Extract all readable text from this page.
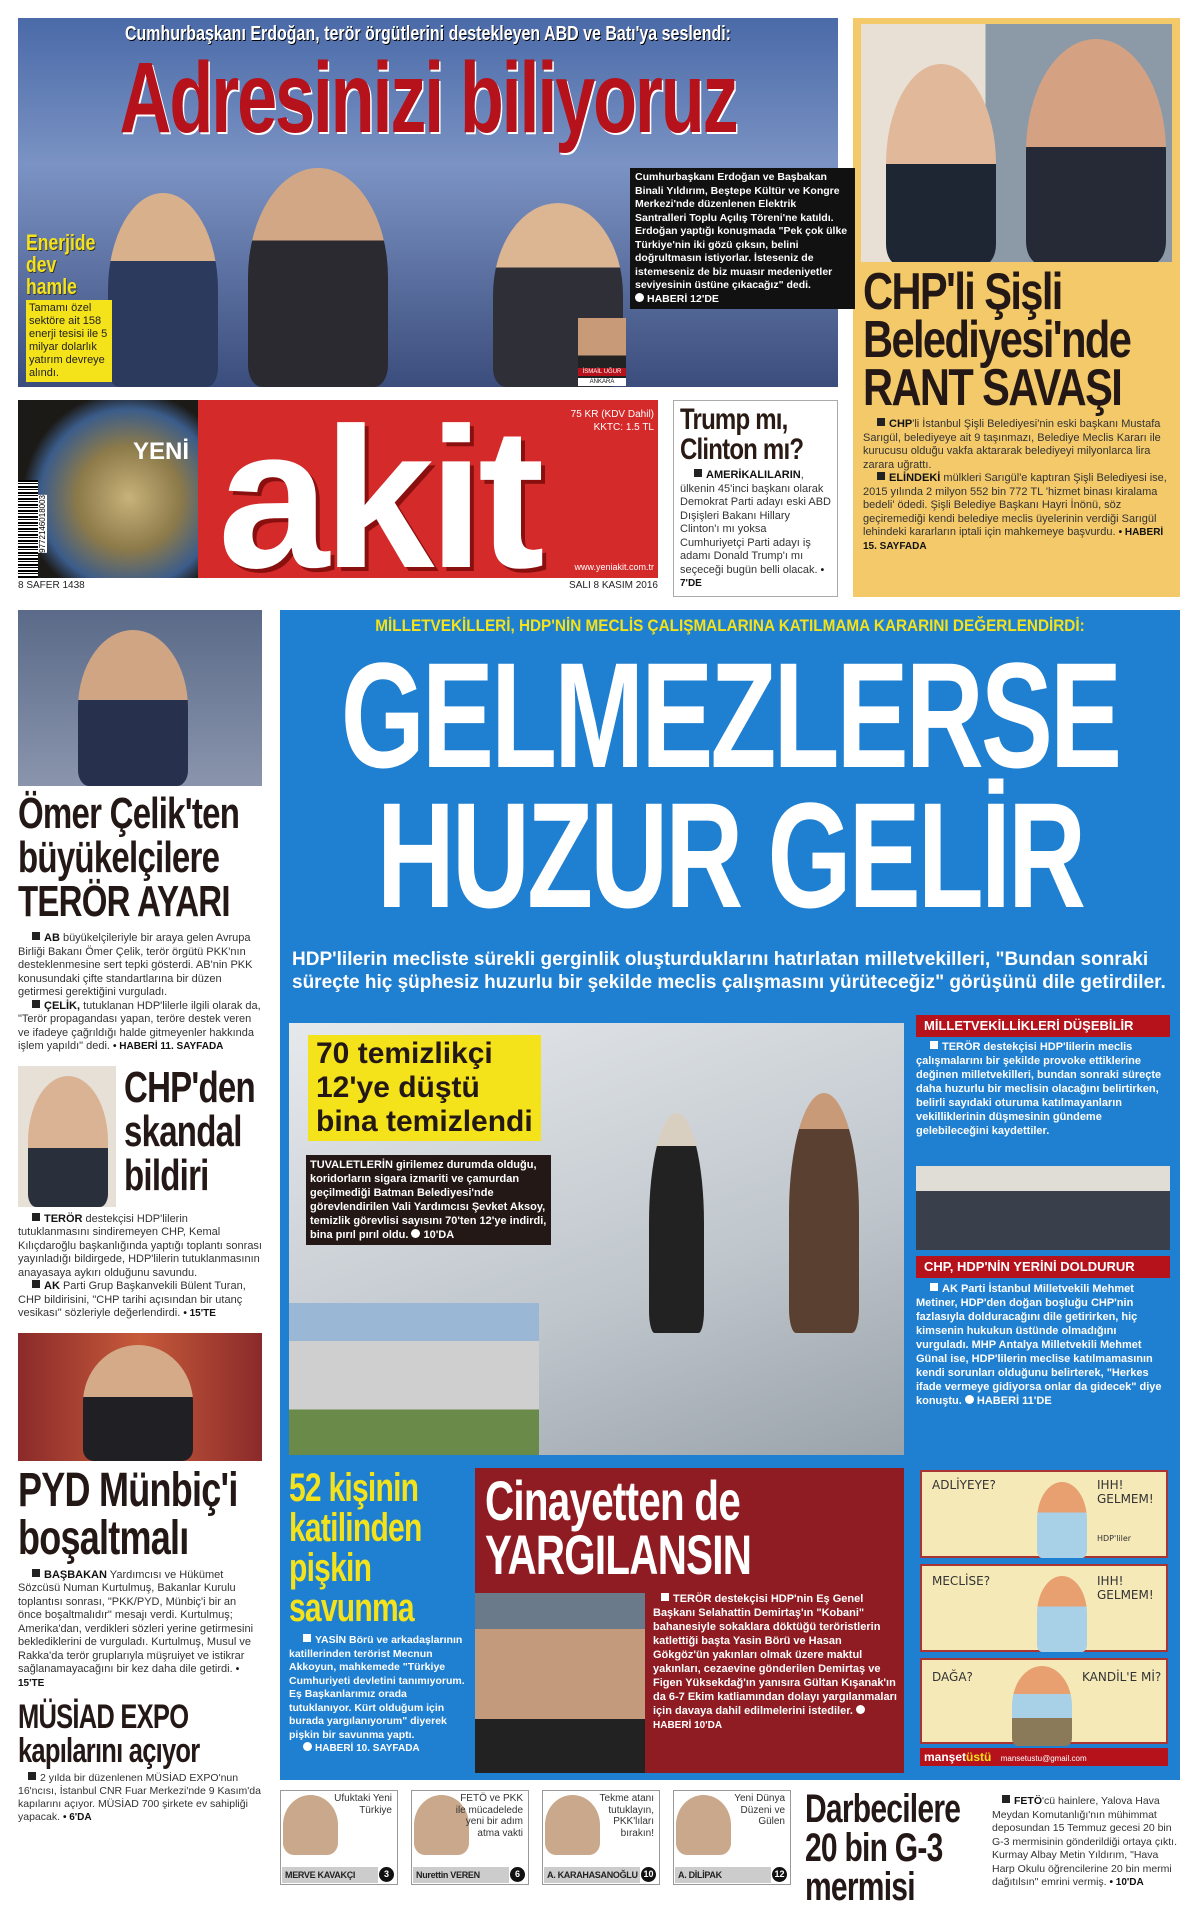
Cumhurbaşkanı Erdoğan, terör örgütlerini destekleyen ABD ve Batı'ya seslendi:
Adresinizi biliyoruz
Enerjide dev hamle
Tamamı özel sektöre ait 158 enerji tesisi ile 5 milyar dolarlık yatırım devreye alındı.
Cumhurbaşkanı Erdoğan ve Başbakan Binali Yıldırım, Beştepe Kültür ve Kongre Merkezi'nde düzenlenen Elektrik Santralleri Toplu Açılış Töreni'ne katıldı. Erdoğan yaptığı konuşmada "Pek çok ülke Türkiye'nin iki gözü çıksın, belini doğrultmasın istiyorlar. İsteseniz de istemeseniz de biz muasır medeniyetler seviyesinin üstüne çıkacağız" dedi.
HABERİ 12'DE
İSMAİL UĞUR
ANKARA
CHP'li Şişli
Belediyesi'nde
RANT SAVAŞI
CHP'li İstanbul Şişli Belediyesi'nin eski başkanı Mustafa Sarıgül, belediyeye ait 9 taşınmazı, Belediye Meclis Kararı ile kurucusu olduğu vakfa aktararak belediyeyi milyonlarca lira zarara uğrattı.
ELİNDEKİ mülkleri Sarıgül'e kaptıran Şişli Belediyesi ise, 2015 yılında 2 milyon 552 bin 772 TL 'hizmet binası kiralama bedeli' ödedi. Şişli Belediye Başkanı Hayri İnönü, söz geçiremediği kendi belediye meclis üyelerinin verdiği Sarıgül lehindeki kararların iptali için mahkemeye başvurdu. • HABERİ 15. SAYFADA
YENİ akit	75 KR (KDV Dahil)
KKTC: 1.5 TL
www.yeniakit.com.tr
9772146018003
8 SAFER 1438	SALI 8 KASIM 2016
Trump mı, Clinton mı?
AMERİKALILARIN, ülkenin 45'inci başkanı olarak Demokrat Parti adayı eski ABD Dışişleri Bakanı Hillary Clinton'ı mı yoksa Cumhuriyetçi Parti adayı iş adamı Donald Trump'ı mı seçeceği bugün belli olacak. • 7'DE
Ömer Çelik'ten
büyükelçilere
TERÖR AYARI
AB büyükelçileriyle bir araya gelen Avrupa Birliği Bakanı Ömer Çelik, terör örgütü PKK'nın desteklenmesine sert tepki gösterdi. AB'nin PKK konusundaki çifte standartlarına bir düzen getirmesi gerektiğini vurguladı.
ÇELİK, tutuklanan HDP'lilerle ilgili olarak da, "Terör propagandası yapan, teröre destek veren ve ifadeye çağrıldığı halde gitmeyenler hakkında işlem yapıldı" dedi. • HABERİ 11. SAYFADA
CHP'den
skandal
bildiri
TERÖR destekçisi HDP'lilerin tutuklanmasını sindiremeyen CHP, Kemal Kılıçdaroğlu başkanlığında yaptığı toplantı sonrası yayınladığı bildirgede, HDP'lilerin tutuklanmasının anayasaya aykırı olduğunu savundu.
AK Parti Grup Başkanvekili Bülent Turan, CHP bildirisini, "CHP tarihi açısından bir utanç vesikası" sözleriyle değerlendirdi. • 15'TE
PYD Münbiç'i
boşaltmalı
BAŞBAKAN Yardımcısı ve Hükümet Sözcüsü Numan Kurtulmuş, Bakanlar Kurulu toplantısı sonrası, "PKK/PYD, Münbiç'i bir an önce boşaltmalıdır" mesajı verdi. Kurtulmuş; Amerika'dan, verdikleri sözleri yerine getirmesini beklediklerini de vurguladı. Kurtulmuş, Musul ve Rakka'da terör gruplarıyla müşruiyet ve istikrar sağlanamayacağını bir kez daha dile getirdi. • 15'TE
MÜSİAD EXPO
kapılarını açıyor
2 yılda bir düzenlenen MÜSİAD EXPO'nun 16'ncısı, İstanbul CNR Fuar Merkezi'nde 9 Kasım'da kapılarını açıyor. MÜSİAD 700 şirkete ev sahipliği yapacak. • 6'DA
MİLLETVEKİLLERİ, HDP'NİN MECLİS ÇALIŞMALARINA KATILMAMA KARARINI DEĞERLENDİRDİ:
GELMEZLERSE
HUZUR GELİR
HDP'lilerin mecliste sürekli gerginlik oluşturduklarını hatırlatan milletvekilleri, "Bundan sonraki süreçte hiç şüphesiz huzurlu bir şekilde meclis çalışmasını yürüteceğiz" görüşünü dile getirdiler.
70 temizlikçi
12'ye düştü
bina temizlendi
TUVALETLERİN girilemez durumda olduğu, koridorların sigara izmariti ve çamurdan geçilmediği Batman Belediyesi'nde görevlendirilen Vali Yardımcısı Şevket Aksoy, temizlik görevlisi sayısını 70'ten 12'ye indirdi, bina pırıl pırıl oldu. 10'DA
MİLLETVEKİLLİKLERİ DÜŞEBİLİR
TERÖR destekçisi HDP'lilerin meclis çalışmalarını bir şekilde provoke ettiklerine değinen milletvekilleri, bundan sonraki süreçte daha huzurlu bir meclisin olacağını belirtirken, belirli sayıdaki oturuma katılmayanların vekilliklerinin düşmesinin gündeme gelebileceğini kaydettiler.
CHP, HDP'NİN YERİNİ DOLDURUR
AK Parti İstanbul Milletvekili Mehmet Metiner, HDP'den doğan boşluğu CHP'nin fazlasıyla dolduracağını dile getirirken, hiç kimsenin hukukun üstünde olmadığını vurguladı. MHP Antalya Milletvekili Mehmet Günal ise, HDP'lilerin meclise katılmamasının kendi sorunları olduğunu belirterek, "Herkes ifade vermeye gidiyorsa onlar da gidecek" diye konuştu. HABERİ 11'DE
52 kişinin katilinden pişkin savunma
YASİN Börü ve arkadaşlarının katillerinden terörist Mecnun Akkoyun, mahkemede "Türkiye Cumhuriyeti devletini tanımıyorum. Eş Başkanlarımız orada tutuklanıyor. Kürt olduğum için burada yargılanıyorum" diyerek pişkin bir savunma yaptı.
HABERİ 10. SAYFADA
Cinayetten de
YARGILANSIN
TERÖR destekçisi HDP'nin Eş Genel Başkanı Selahattin Demirtaş'ın "Kobani" bahanesiyle sokaklara döktüğü teröristlerin katlettiği başta Yasin Börü ve Hasan Gökgöz'ün yakınları olmak üzere maktul yakınları, cezaevine gönderilen Demirtaş ve Figen Yüksekdağ'ın yanısıra Gültan Kışanak'ın da 6-7 Ekim katliamından dolayı yargılanmaları için davaya dahil edilmelerini istediler. HABERİ 10'DA
ADLİYEYE?	IHH! GELMEM!
HDP'liler
MECLİSE?	IHH! GELMEM!
DAĞA?	KANDİL'E Mİ?
manşetüstü mansetustu@gmail.com
Ufuktaki Yeni Türkiye
MERVE KAVAKÇI	3
FETÖ ve PKK ile mücadelede yeni bir adım atma vakti
Nurettin VEREN	6
Tekme atanı tutuklayın, PKK'lıları bırakın!
A. KARAHASANOĞLU 10
Yeni Dünya Düzeni ve Gülen
A. DİLİPAK	12
Darbecilere
20 bin G-3
mermisi
FETÖ'cü hainlere, Yalova Hava Meydan Komutanlığı'nın mühimmat deposundan 15 Temmuz gecesi 20 bin G-3 mermisinin gönderildiği ortaya çıktı. Kurmay Albay Metin Yıldırım, "Hava Harp Okulu öğrencilerine 20 bin mermi dağıtılsın" emrini vermiş. • 10'DA
